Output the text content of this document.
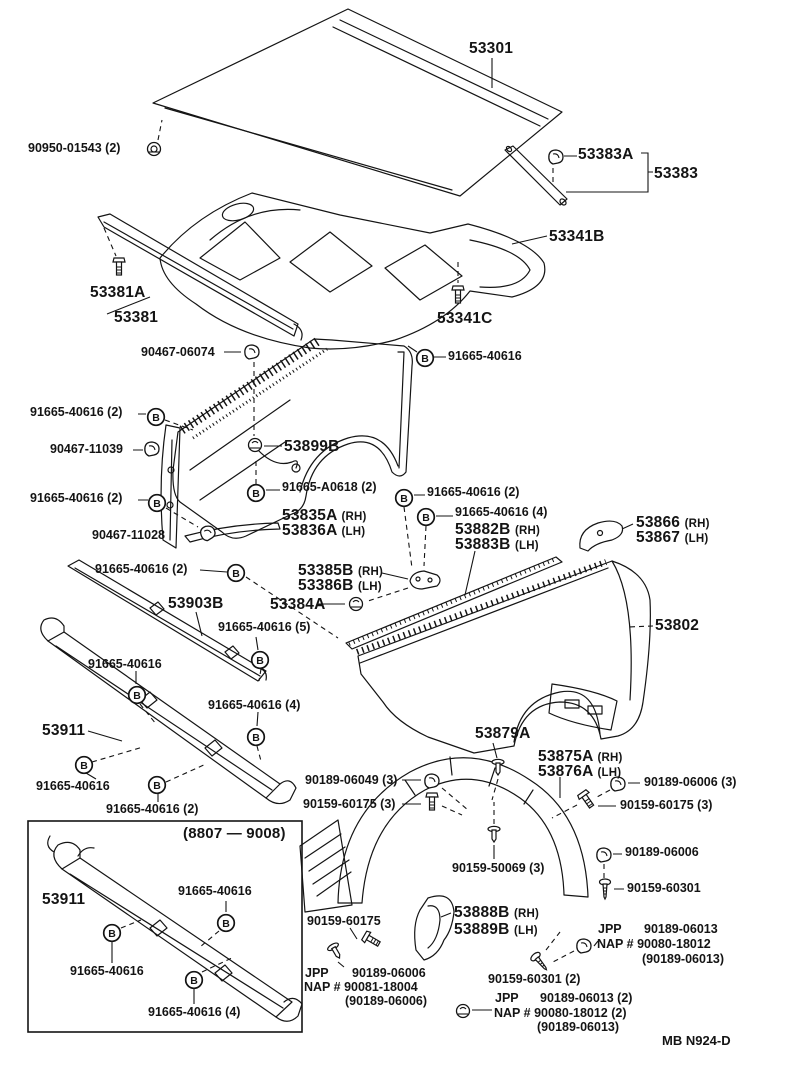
B
B
B
B	B
B
B
B
B
B
B
B
B
B
B
(8807 — 9008)
MB N924-D
53301
90950-01543 (2)	53383A
53383
53341B
53381A
53381	53341C
90467-06074	91665-40616
91665-40616 (2)
90467-11039	53899B
91665-40616 (2)
91665-A0618 (2)	91665-40616 (2)
53835A (RH)
53836A (LH)
90467-11028
91665-40616 (4)
53882B (RH)
53883B (LH)
53866 (RH)
53867 (LH)
91665-40616 (2)	53385B (RH)
53386B (LH)
53384A
53903B
91665-40616 (5)
91665-40616
53802
53911
91665-40616 (4)
91665-40616
91665-40616 (2)
90189-06049 (3)
90159-60175 (3)
53879A
53875A (RH)
53876A (LH)
90189-06006 (3)
90159-60175 (3)
90189-06006
90159-60301
90159-50069 (3)
53888B (RH)
53889B (LH)
90159-60175
JPP 90189-06006
NAP # 90081-18004
(90189-06006)
90159-60301 (2)
JPP 90189-06013
NAP # 90080-18012
(90189-06013)
JPP 90189-06013 (2)
NAP # 90080-18012 (2)
(90189-06013)
53911	91665-40616
91665-40616
91665-40616 (4)
